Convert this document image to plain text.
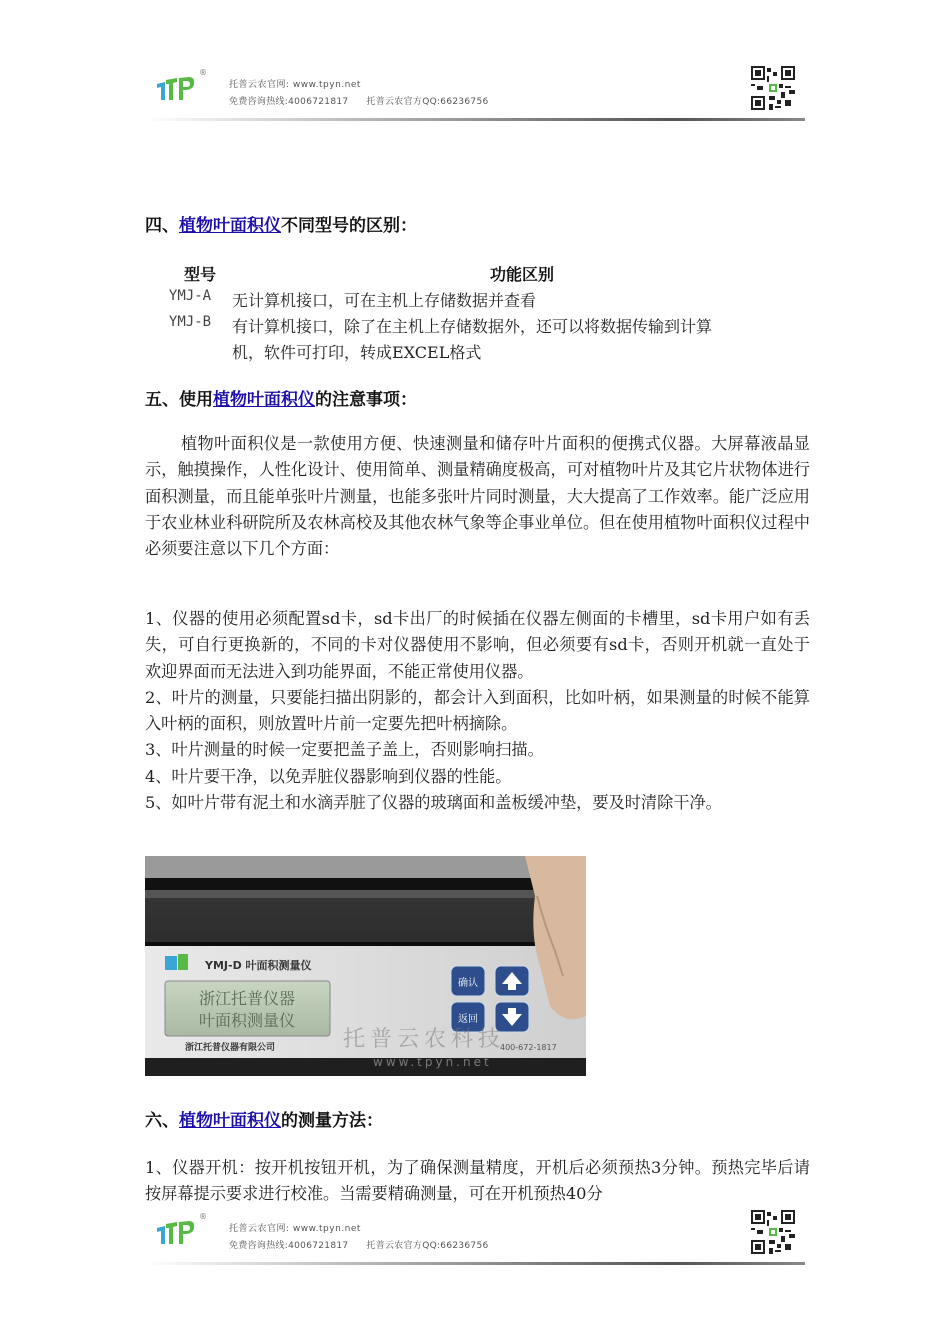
®
托普云农官网: www.tpyn.net
免费咨询热线:4006721817 托普云农官方QQ:66236756
四、植物叶面积仪不同型号的区别：
型号	功能区别
YMJ-A	无计算机接口，可在主机上存储数据并查看
YMJ-B	有计算机接口，除了在主机上存储数据外，还可以将数据传输到计算
机，软件可打印，转成EXCEL格式
五、使用植物叶面积仪的注意事项：

植物叶面积仪是一款使用方便、快速测量和储存叶片面积的便携式仪器。大屏幕液晶显示，触摸操作，人性化设计、使用简单、测量精确度极高，可对植物叶片及其它片状物体进行面积测量，而且能单张叶片测量，也能多张叶片同时测量，大大提高了工作效率。能广泛应用于农业林业科研院所及农林高校及其他农林气象等企事业单位。但在使用植物叶面积仪过程中必须要注意以下几个方面：

1、仪器的使用必须配置sd卡，sd卡出厂的时候插在仪器左侧面的卡槽里，sd卡用户如有丢失，可自行更换新的，不同的卡对仪器使用不影响，但必须要有sd卡，否则开机就一直处于欢迎界面而无法进入到功能界面，不能正常使用仪器。

2、叶片的测量，只要能扫描出阴影的，都会计入到面积，比如叶柄，如果测量的时候不能算入叶柄的面积，则放置叶片前一定要先把叶柄摘除。

3、叶片测量的时候一定要把盖子盖上，否则影响扫描。

4、叶片要干净，以免弄脏仪器影响到仪器的性能。

5、如叶片带有泥土和水滴弄脏了仪器的玻璃面和盖板缓冲垫，要及时清除干净。

YMJ-D 叶面积测量仪
浙江托普仪器
叶面积测量仪
浙江托普仪器有限公司
确认
返回
400-672-1817
托普云农科技
www.tpyn.net
六、植物叶面积仪的测量方法：

1、仪器开机：按开机按钮开机，为了确保测量精度，开机后必须预热3分钟。预热完毕后请按屏幕提示要求进行校准。当需要精确测量，可在开机预热40分

®
托普云农官网: www.tpyn.net
免费咨询热线:4006721817 托普云农官方QQ:66236756
